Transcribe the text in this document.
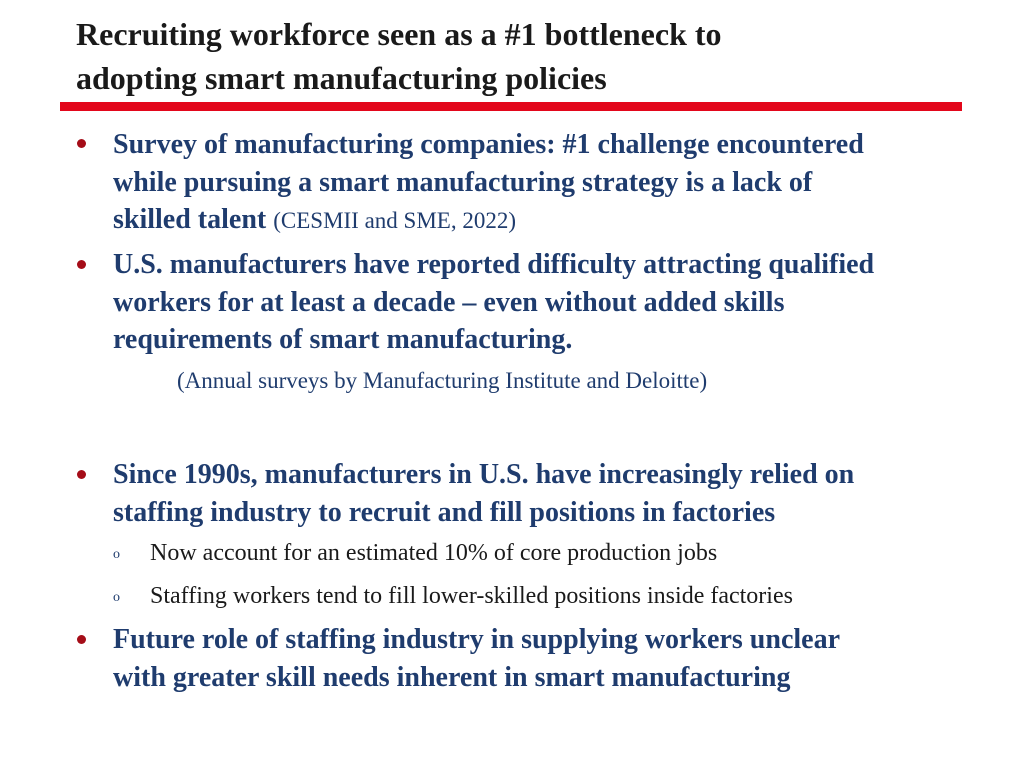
Recruiting workforce seen as a #1 bottleneck to
adopting smart manufacturing policies
Survey of manufacturing companies: #1 challenge encountered
while pursuing a smart manufacturing strategy is a lack of
skilled talent (CESMII and SME, 2022)
U.S. manufacturers have reported difficulty attracting qualified
workers for at least a decade – even without added skills
requirements of smart manufacturing.
(Annual surveys by Manufacturing Institute and Deloitte)
Since 1990s, manufacturers in U.S. have increasingly relied on
staffing industry to recruit and fill positions in factories
o Now account for an estimated 10% of core production jobs
o Staffing workers tend to fill lower-skilled positions inside factories
Future role of staffing industry in supplying workers unclear
with greater skill needs inherent in smart manufacturing
